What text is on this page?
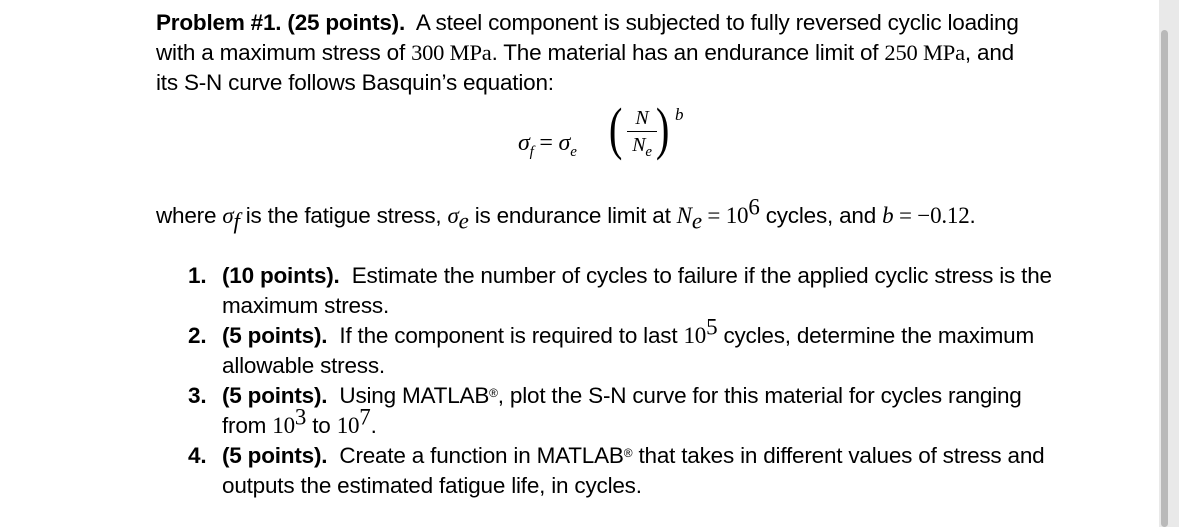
Problem #1. (25 points). A steel component is subjected to fully reversed cyclic loading

with a maximum stress of 300 MPa. The material has an endurance limit of 250 MPa, and

its S-N curve follows Basquin’s equation:

$\sigma_f = \sigma_e$ ( N
$N_e$ ) b
where $\sigma_f$ is the fatigue stress, $\sigma_e$ is endurance limit at $N_e = 10^6$ cycles, and b = −0.12.
1. (10 points). Estimate the number of cycles to failure if the applied cyclic stress is the
maximum stress.
2. (5 points). If the component is required to last $10^5$ cycles, determine the maximum
allowable stress.
3. (5 points). Using MATLAB®, plot the S-N curve for this material for cycles ranging
from $10^3$ to $10^7$.
4. (5 points). Create a function in MATLAB® that takes in different values of stress and
outputs the estimated fatigue life, in cycles.
